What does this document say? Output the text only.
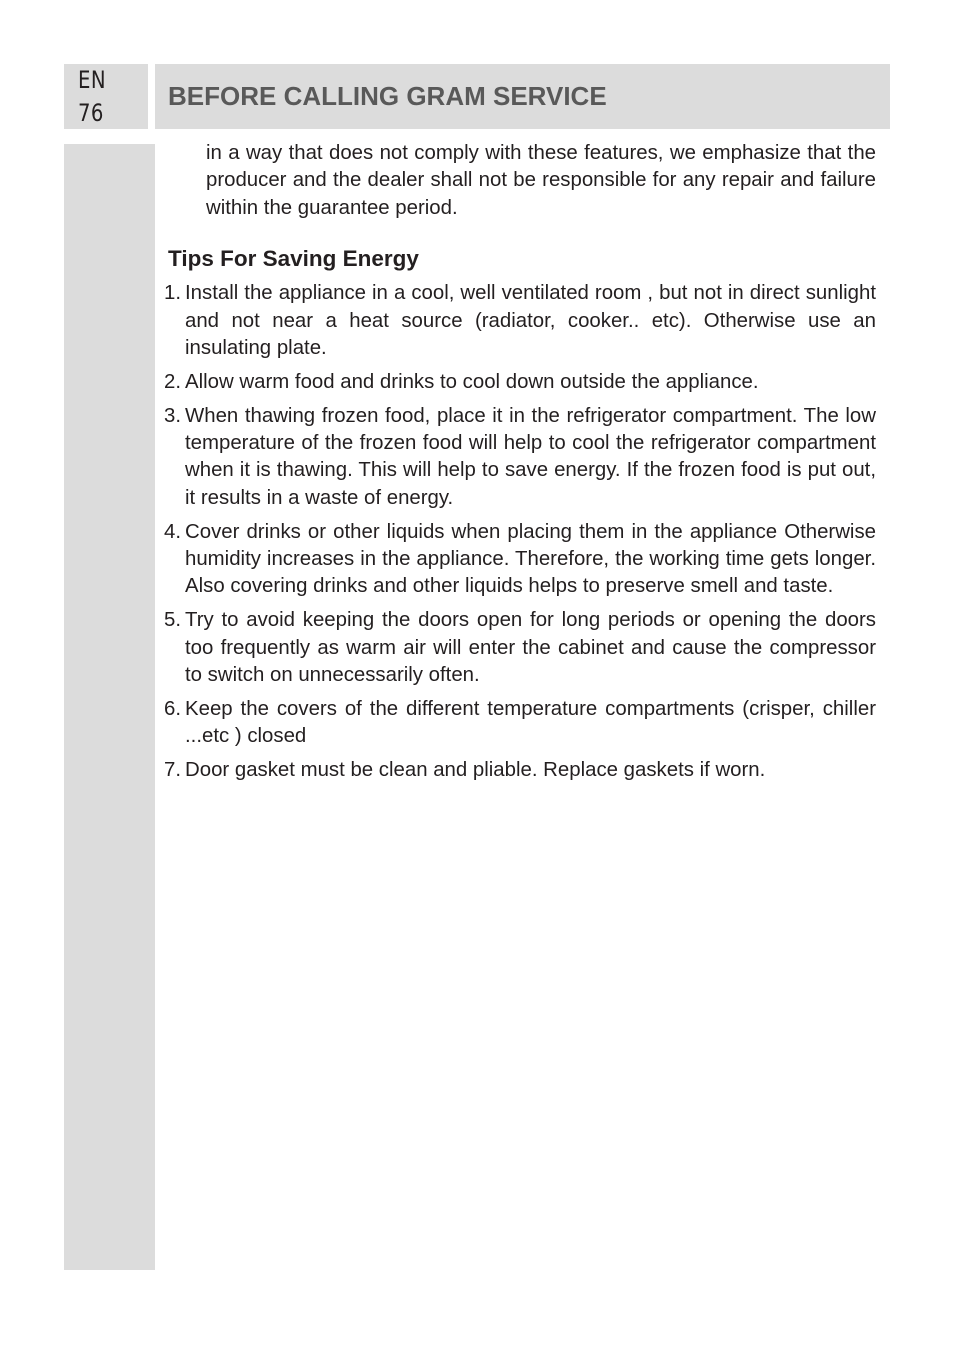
EN
76
BEFORE CALLING GRAM SERVICE

in a way that does not comply with these features, we emphasize that the producer and the dealer shall not be responsible for any repair and failure within the guarantee period.

Tips For Saving Energy
1. Install the appliance in a cool, well ventilated room , but not in direct sunlight and not near a heat source (radiator, cooker.. etc). Otherwise use an insulating plate.
2. Allow warm food and drinks to cool down outside the appliance.
3. When thawing frozen food, place it in the refrigerator compartment. The low temperature of the frozen food will help to cool the refrigerator compartment when it is thawing. This will help to save energy. If the frozen food is put out, it results in a waste of energy.
4. Cover drinks or other liquids when placing them in the appliance Otherwise humidity increases in the appliance. Therefore, the working time gets longer. Also covering drinks and other liquids helps to preserve smell and taste.
5. Try to avoid keeping the doors open for long periods or opening the doors too frequently as warm air will enter the cabinet and cause the compressor to switch on unnecessarily often.
6. Keep the covers of the different temperature compartments (crisper, chiller ...etc ) closed
7. Door gasket must be clean and pliable. Replace gaskets if worn.
